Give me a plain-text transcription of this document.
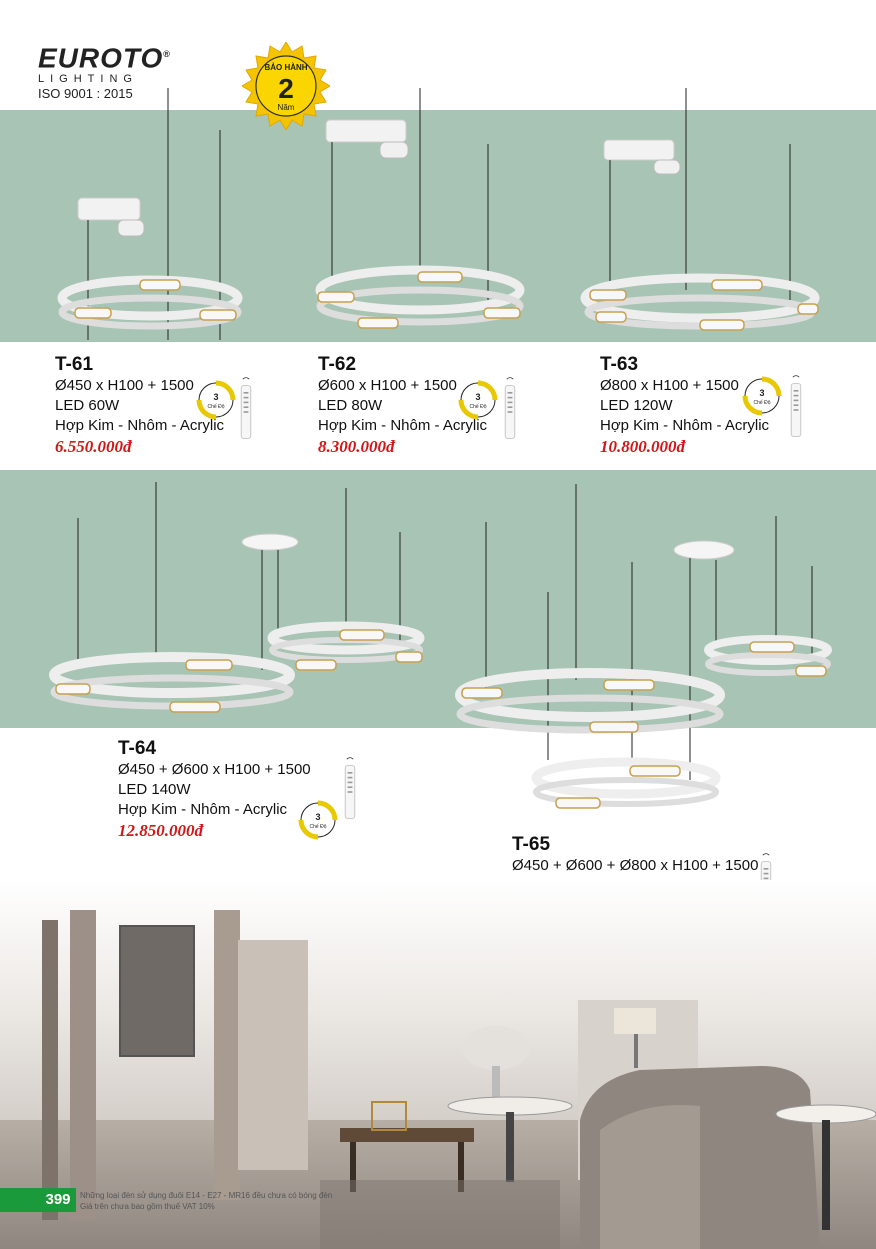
EUROTO®
LIGHTING
ISO 9001 : 2015
BẢO HÀNH
2
Năm
T-61
Ø450 x H100 + 1500
LED 60W
Hợp Kim - Nhôm - Acrylic
6.550.000đ
T-62
Ø600 x H100 + 1500
LED 80W
Hợp Kim - Nhôm - Acrylic
8.300.000đ
T-63
Ø800 x H100 + 1500
LED 120W
Hợp Kim - Nhôm - Acrylic
10.800.000đ
T-64
Ø450 + Ø600 x H100 + 1500
LED 140W
Hợp Kim - Nhôm - Acrylic
12.850.000đ
T-65
Ø450 + Ø600 + Ø800 x H100 + 1500
3
Chế Độ
3
Chế Độ
3
Chế Độ
3
Chế Độ
399	Những loại đèn sử dụng đuôi E14 - E27 - MR16 đều chưa có bóng đèn
Giá trên chưa bao gồm thuế VAT 10%
